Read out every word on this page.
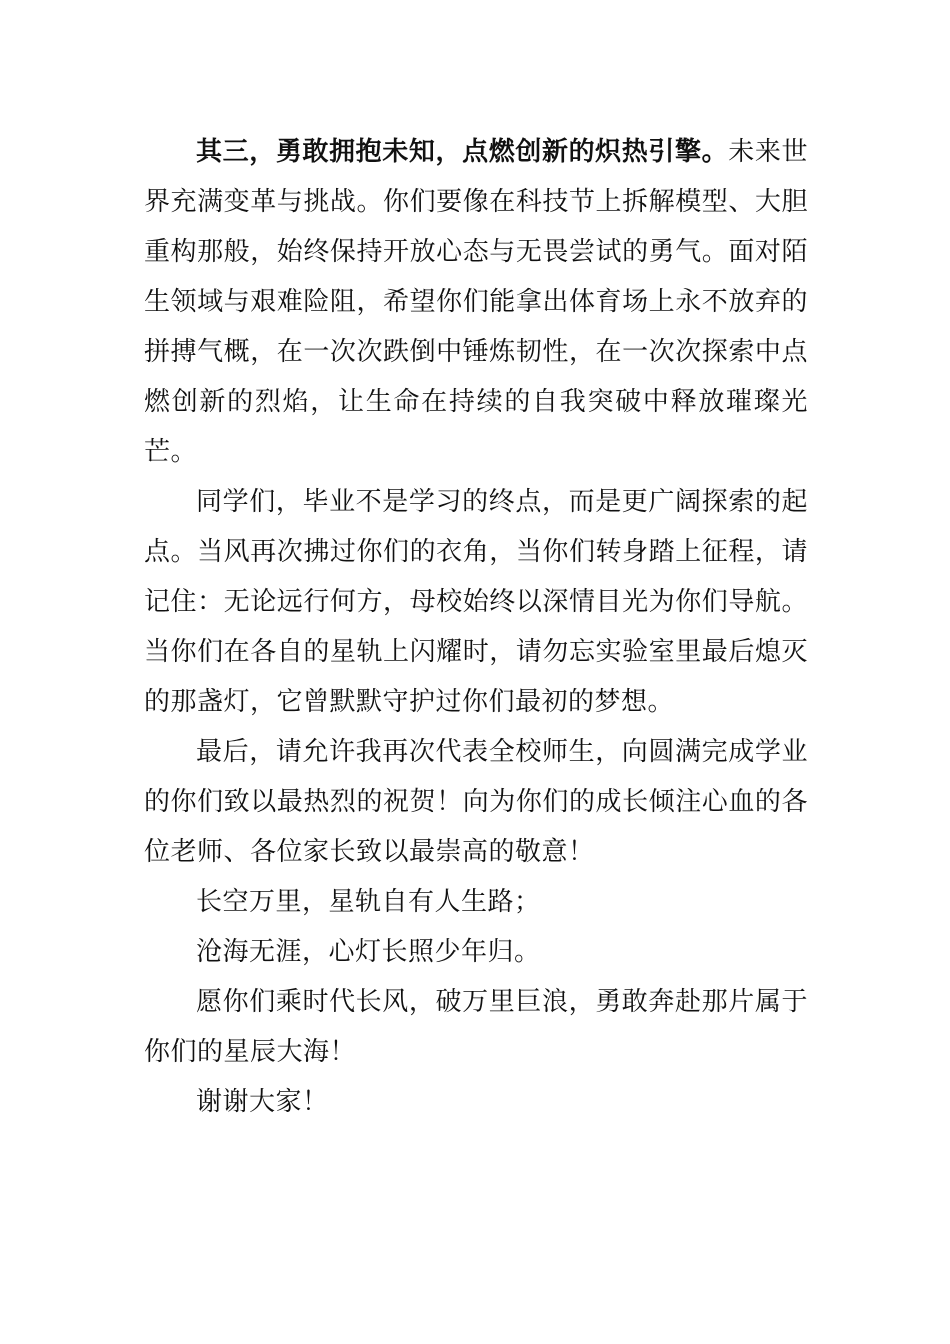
其三，勇敢拥抱未知，点燃创新的炽热引擎。未来世界充满变革与挑战。你们要像在科技节上拆解模型、大胆重构那般，始终保持开放心态与无畏尝试的勇气。面对陌生领域与艰难险阻，希望你们能拿出体育场上永不放弃的拼搏气概，在一次次跌倒中锤炼韧性，在一次次探索中点燃创新的烈焰，让生命在持续的自我突破中释放璀璨光芒。

同学们，毕业不是学习的终点，而是更广阔探索的起点。当风再次拂过你们的衣角，当你们转身踏上征程，请记住：无论远行何方，母校始终以深情目光为你们导航。当你们在各自的星轨上闪耀时，请勿忘实验室里最后熄灭的那盏灯，它曾默默守护过你们最初的梦想。

最后，请允许我再次代表全校师生，向圆满完成学业的你们致以最热烈的祝贺！向为你们的成长倾注心血的各位老师、各位家长致以最崇高的敬意！

长空万里，星轨自有人生路；

沧海无涯，心灯长照少年归。

愿你们乘时代长风，破万里巨浪，勇敢奔赴那片属于你们的星辰大海！

谢谢大家！
